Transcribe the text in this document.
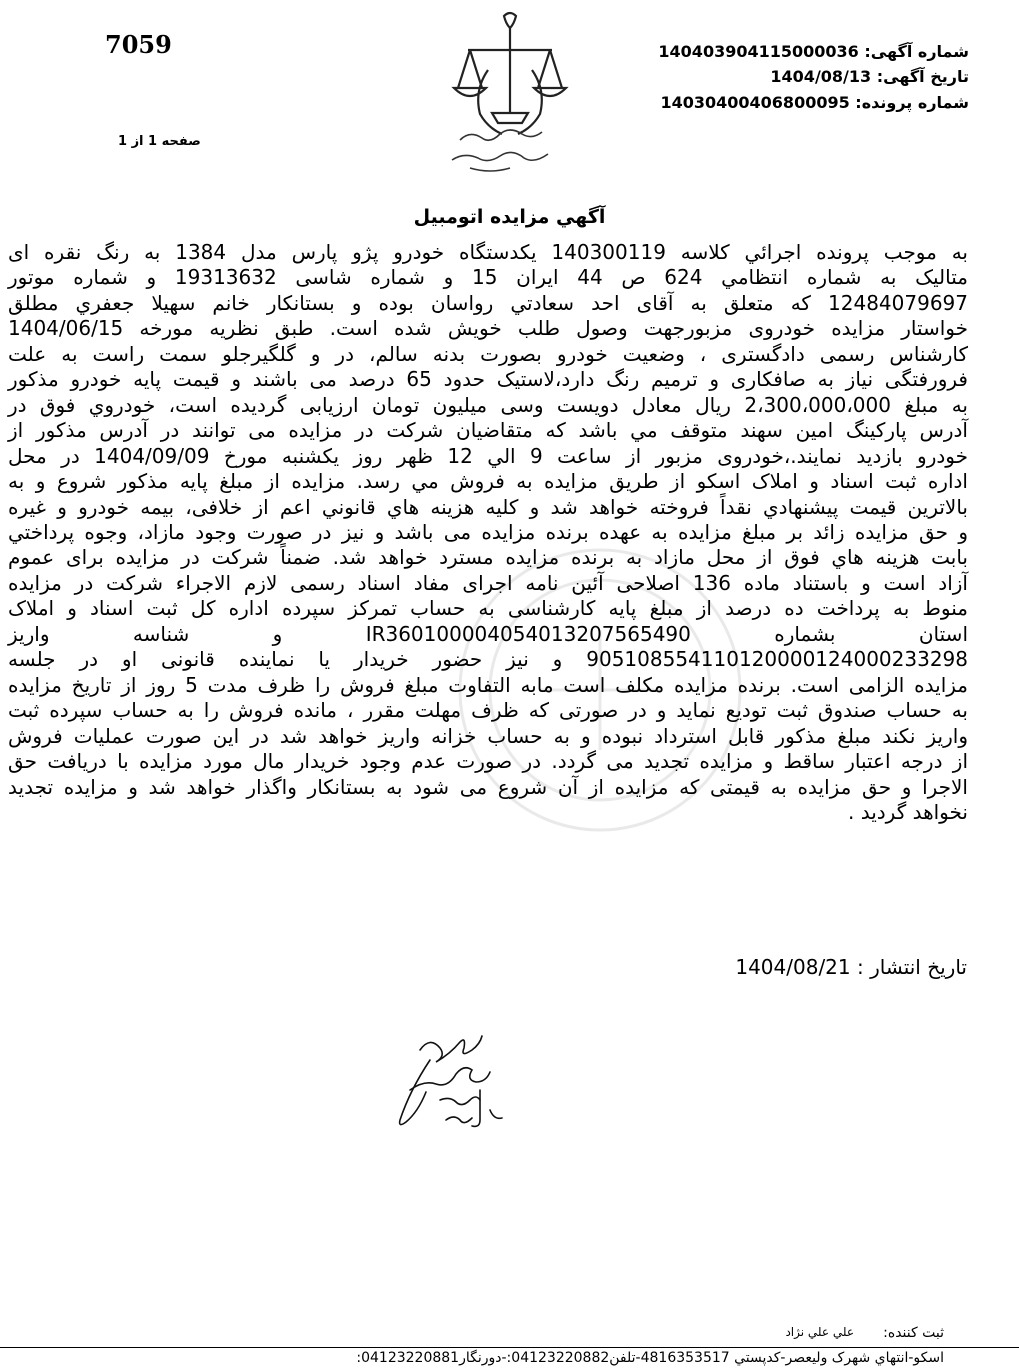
7059	شماره آگهی: 140403904115000036
تاريخ آگهی: 1404/08/13
شماره پرونده: 14030400406800095
صفحه 1 از 1
آگهي مزايده اتومبيل
به موجب پرونده اجرائي كلاسه 140300119 يكدستگاه خودرو پژو پارس مدل 1384 به رنگ نقره ای
متاليک به شماره انتظامي 624 ص 44 ايران 15 و شماره شاسی 19313632 و شماره موتور
12484079697 که متعلق به آقای احد سعادتي رواسان بوده و بستانکار خانم سهيلا جعفري مطلق
خواستار مزايده خودروی مزبورجهت وصول طلب خويش شده است. طبق نظريه مورخه 1404/06/15
کارشناس رسمی دادگستری ، وضعيت خودرو بصورت بدنه سالم، در و گلگيرجلو سمت راست به علت
فرورفتگی نياز به صافکاری و ترميم رنگ دارد،لاستيک حدود 65 درصد می باشند و قيمت پايه خودرو مذکور
به مبلغ 2،300،000،000 ريال معادل دويست وسی ميليون تومان ارزيابی گرديده است، خودروي فوق در
آدرس پارکينگ امين سهند متوقف مي باشد که متقاضيان شرکت در مزايده می توانند در آدرس مذکور از
خودرو بازديد نمايند.،خودروی مزبور از ساعت 9 الي 12 ظهر روز يکشنبه مورخ 1404/09/09 در محل
اداره ثبت اسناد و املاک اسکو از طريق مزايده به فروش مي رسد. مزايده از مبلغ پايه مذکور شروع و به
بالاترين قيمت پيشنهادي نقداً فروخته خواهد شد و کليه هزينه هاي قانوني اعم از خلافی، بيمه خودرو و غيره
و حق مزايده زائد بر مبلغ مزايده به عهده برنده مزايده می باشد و نيز در صورت وجود مازاد، وجوه پرداختي
بابت هزينه هاي فوق از محل مازاد به برنده مزايده مسترد خواهد شد. ضمناً شرکت در مزايده برای عموم
آزاد است و باستناد ماده 136 اصلاحی آئين نامه اجرای مفاد اسناد رسمی لازم الاجراء شرکت در مزايده
منوط به پرداخت ده درصد از مبلغ پايه کارشناسی به حساب تمرکز سپرده اداره کل ثبت اسناد و املاک
استان بشماره IR360100004054013207565490 و شناسه واريز
905108554110120000124000233298 و نيز حضور خريدار يا نماينده قانونی او در جلسه
مزايده الزامی است. برنده مزايده مکلف است مابه التفاوت مبلغ فروش را ظرف مدت 5 روز از تاريخ مزايده
به حساب صندوق ثبت توديع نمايد و در صورتی که ظرف مهلت مقرر ، مانده فروش را به حساب سپرده ثبت
واريز نکند مبلغ مذکور قابل استرداد نبوده و به حساب خزانه واريز خواهد شد در اين صورت عمليات فروش
از درجه اعتبار ساقط و مزايده تجديد می گردد. در صورت عدم وجود خريدار مال مورد مزايده با دريافت حق
الاجرا و حق مزايده به قيمتی که مزايده از آن شروع می شود به بستانکار واگذار خواهد شد و مزايده تجديد
نخواهد گرديد .
تاريخ انتشار : 1404/08/21
ثبت کننده:
علي علي نژاد
اسکو-انتهاي شهرک وليعصر-کدپستي 4816353517-تلفن04123220882:-دورنگار04123220881:
